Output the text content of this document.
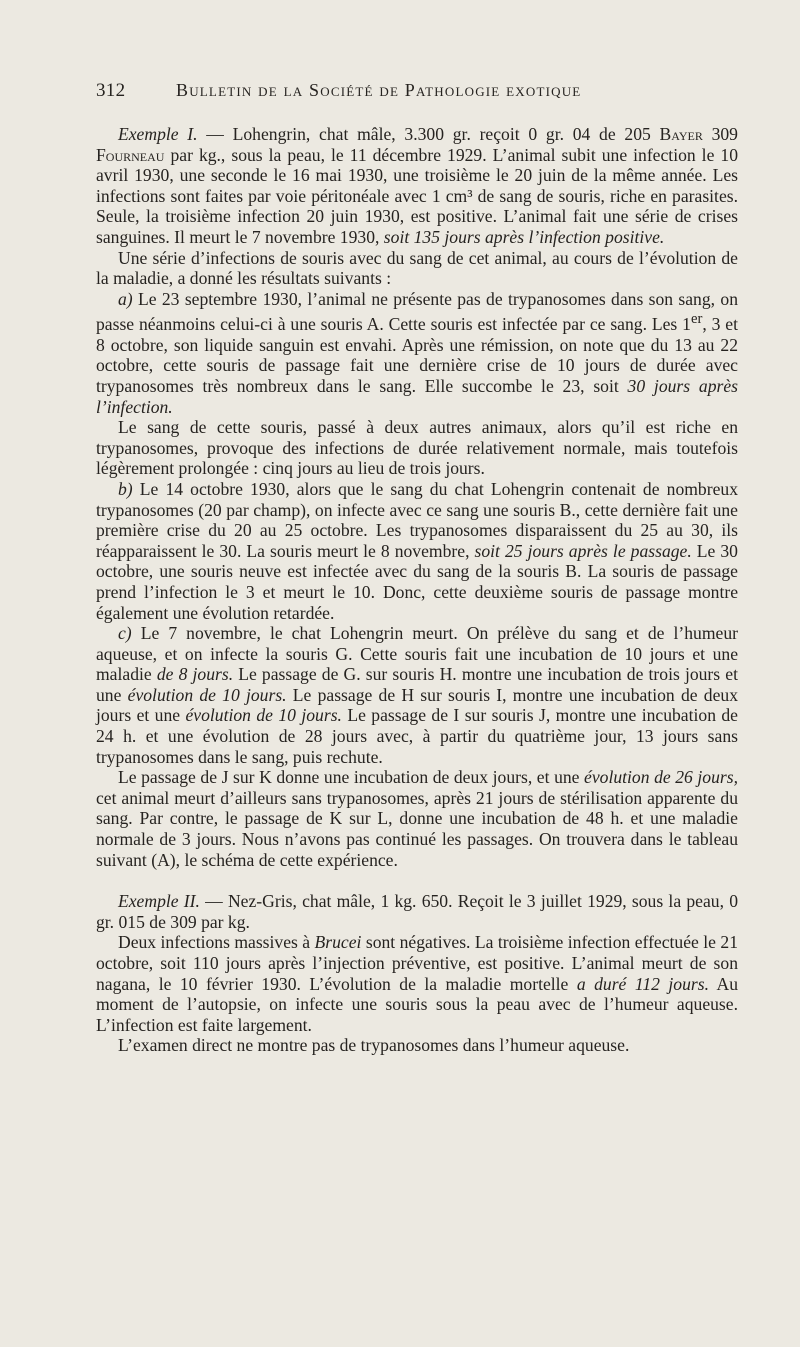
312	Bulletin de la Société de Pathologie exotique

Exemple I. — Lohengrin, chat mâle, 3.300 gr. reçoit 0 gr. 04 de 205 Bayer 309 Fourneau par kg., sous la peau, le 11 décembre 1929. L’animal subit une infection le 10 avril 1930, une seconde le 16 mai 1930, une troisième le 20 juin de la même année. Les infections sont faites par voie péritonéale avec 1 cm³ de sang de souris, riche en parasites. Seule, la troisième infection 20 juin 1930, est positive. L’animal fait une série de crises sanguines. Il meurt le 7 novembre 1930, soit 135 jours après l’infection positive.

Une série d’infections de souris avec du sang de cet animal, au cours de l’évolution de la maladie, a donné les résultats suivants :

a) Le 23 septembre 1930, l’animal ne présente pas de trypanosomes dans son sang, on passe néanmoins celui-ci à une souris A. Cette souris est infectée par ce sang. Les 1er, 3 et 8 octobre, son liquide sanguin est envahi. Après une rémission, on note que du 13 au 22 octobre, cette souris de passage fait une dernière crise de 10 jours de durée avec trypanosomes très nombreux dans le sang. Elle succombe le 23, soit 30 jours après l’infection.

Le sang de cette souris, passé à deux autres animaux, alors qu’il est riche en trypanosomes, provoque des infections de durée relativement normale, mais toutefois légèrement prolongée : cinq jours au lieu de trois jours.

b) Le 14 octobre 1930, alors que le sang du chat Lohengrin contenait de nombreux trypanosomes (20 par champ), on infecte avec ce sang une souris B., cette dernière fait une première crise du 20 au 25 octobre. Les trypanosomes disparaissent du 25 au 30, ils réapparaissent le 30. La souris meurt le 8 novembre, soit 25 jours après le passage. Le 30 octobre, une souris neuve est infectée avec du sang de la souris B. La souris de passage prend l’infection le 3 et meurt le 10. Donc, cette deuxième souris de passage montre également une évolution retardée.

c) Le 7 novembre, le chat Lohengrin meurt. On prélève du sang et de l’humeur aqueuse, et on infecte la souris G. Cette souris fait une incubation de 10 jours et une maladie de 8 jours. Le passage de G. sur souris H. montre une incubation de trois jours et une évolution de 10 jours. Le passage de H sur souris I, montre une incubation de deux jours et une évolution de 10 jours. Le passage de I sur souris J, montre une incubation de 24 h. et une évolution de 28 jours avec, à partir du quatrième jour, 13 jours sans trypanosomes dans le sang, puis rechute.

Le passage de J sur K donne une incubation de deux jours, et une évolution de 26 jours, cet animal meurt d’ailleurs sans trypanosomes, après 21 jours de stérilisation apparente du sang. Par contre, le passage de K sur L, donne une incubation de 48 h. et une maladie normale de 3 jours. Nous n’avons pas continué les passages. On trouvera dans le tableau suivant (A), le schéma de cette expérience.

Exemple II. — Nez-Gris, chat mâle, 1 kg. 650. Reçoit le 3 juillet 1929, sous la peau, 0 gr. 015 de 309 par kg.

Deux infections massives à Brucei sont négatives. La troisième infection effectuée le 21 octobre, soit 110 jours après l’injection préventive, est positive. L’animal meurt de son nagana, le 10 février 1930. L’évolution de la maladie mortelle a duré 112 jours. Au moment de l’autopsie, on infecte une souris sous la peau avec de l’humeur aqueuse. L’infection est faite largement.

L’examen direct ne montre pas de trypanosomes dans l’humeur aqueuse.
